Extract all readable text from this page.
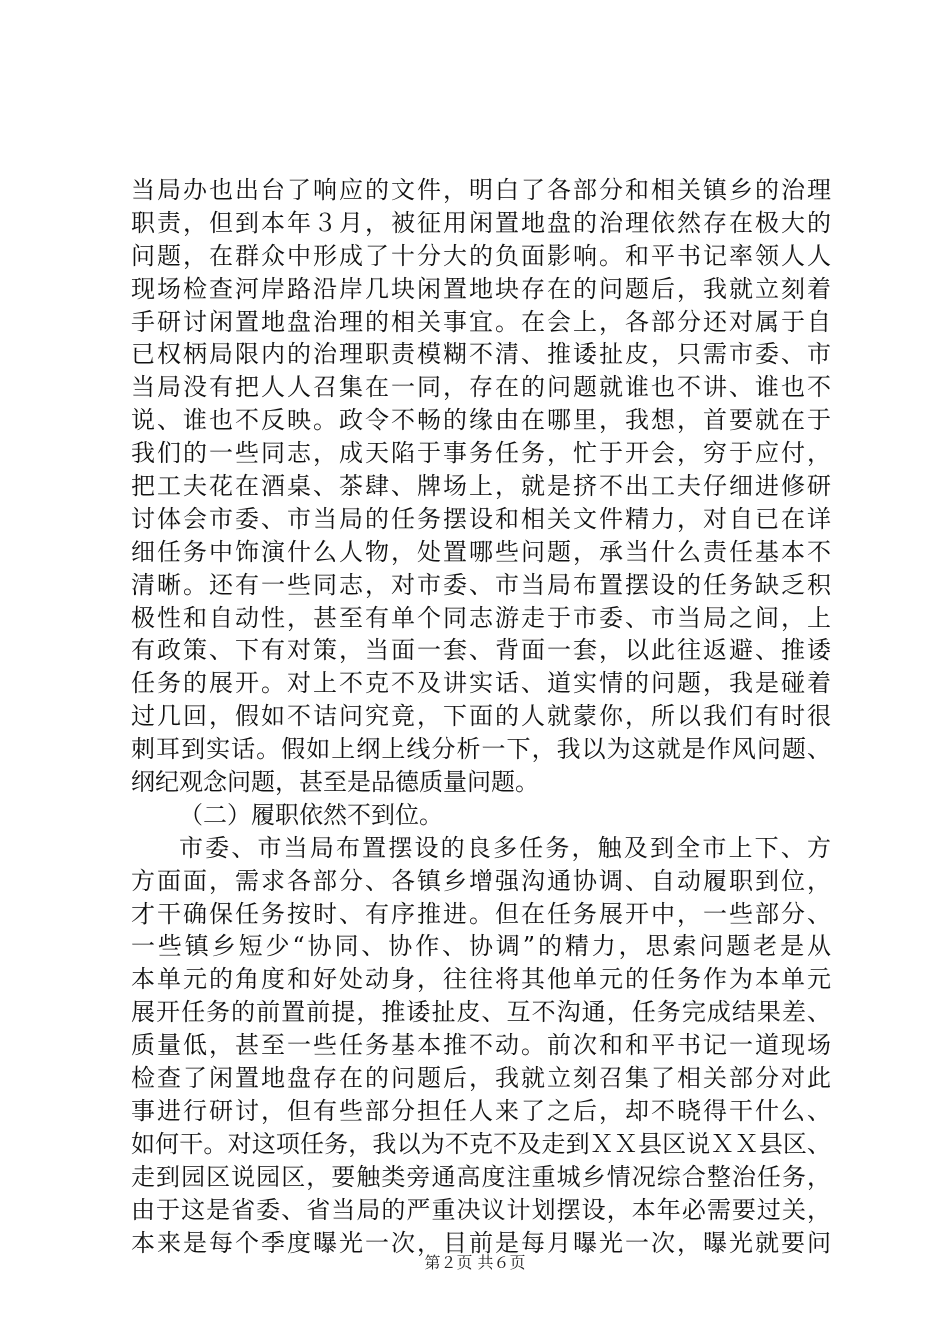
当局办也出台了响应的文件，明白了各部分和相关镇乡的治理
职责，但到本年３月，被征用闲置地盘的治理依然存在极大的
问题，在群众中形成了十分大的负面影响。和平书记率领人人
现场检查河岸路沿岸几块闲置地块存在的问题后，我就立刻着
手研讨闲置地盘治理的相关事宜。在会上，各部分还对属于自
已权柄局限内的治理职责模糊不清、推诿扯皮，只需市委、市
当局没有把人人召集在一同，存在的问题就谁也不讲、谁也不
说、谁也不反映。政令不畅的缘由在哪里，我想，首要就在于
我们的一些同志，成天陷于事务任务，忙于开会，穷于应付，
把工夫花在酒桌、茶肆、牌场上，就是挤不出工夫仔细进修研
讨体会市委、市当局的任务摆设和相关文件精力，对自已在详
细任务中饰演什么人物，处置哪些问题，承当什么责任基本不
清晰。还有一些同志，对市委、市当局布置摆设的任务缺乏积
极性和自动性，甚至有单个同志游走于市委、市当局之间，上
有政策、下有对策，当面一套、背面一套，以此往返避、推诿
任务的展开。对上不克不及讲实话、道实情的问题，我是碰着
过几回，假如不诘问究竟，下面的人就蒙你，所以我们有时很
刺耳到实话。假如上纲上线分析一下，我以为这就是作风问题、
纲纪观念问题，甚至是品德质量问题。
（二）履职依然不到位。
市委、市当局布置摆设的良多任务，触及到全市上下、方
方面面，需求各部分、各镇乡增强沟通协调、自动履职到位，
才干确保任务按时、有序推进。但在任务展开中，一些部分、
一些镇乡短少“协同、协作、协调”的精力，思索问题老是从
本单元的角度和好处动身，往往将其他单元的任务作为本单元
展开任务的前置前提，推诿扯皮、互不沟通，任务完成结果差、
质量低，甚至一些任务基本推不动。前次和和平书记一道现场
检查了闲置地盘存在的问题后，我就立刻召集了相关部分对此
事进行研讨，但有些部分担任人来了之后，却不晓得干什么、
如何干。对这项任务，我以为不克不及走到ＸＸ县区说ＸＸ县区、
走到园区说园区，要触类旁通高度注重城乡情况综合整治任务，
由于这是省委、省当局的严重决议计划摆设，本年必需要过关，
本来是每个季度曝光一次，目前是每月曝光一次，曝光就要问
第２页 共６页
